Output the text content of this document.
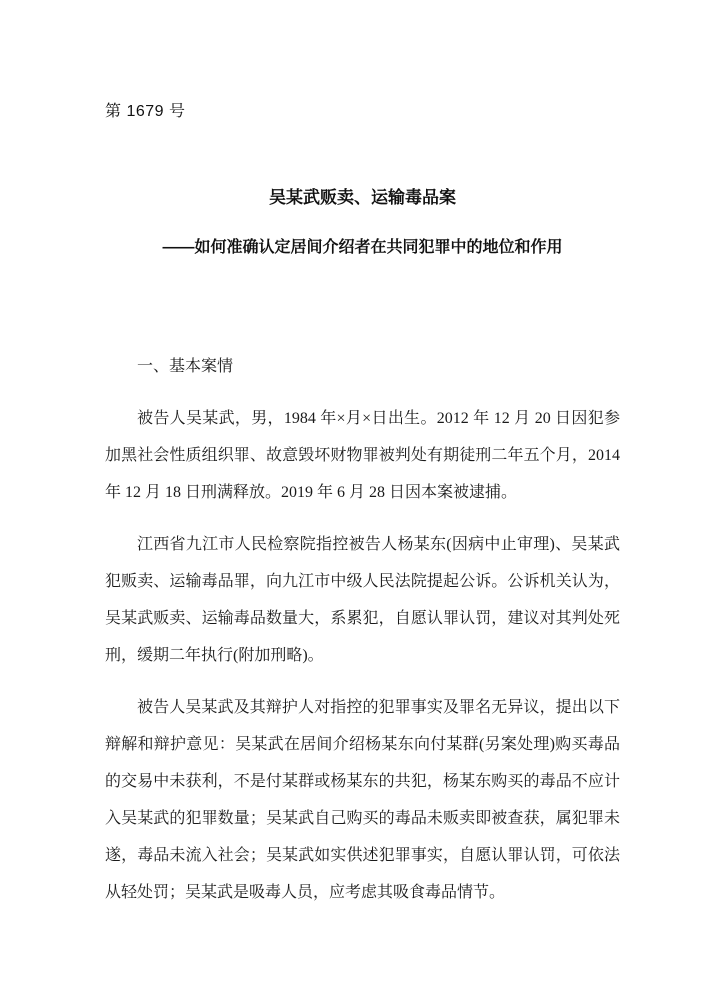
第 1679 号
吴某武贩卖、运输毒品案
——如何准确认定居间介绍者在共同犯罪中的地位和作用
一、基本案情

被告人吴某武，男，1984 年×月×日出生。2012 年 12 月 20 日因犯参加黑社会性质组织罪、故意毁坏财物罪被判处有期徒刑二年五个月，2014 年 12 月 18 日刑满释放。2019 年 6 月 28 日因本案被逮捕。

江西省九江市人民检察院指控被告人杨某东(因病中止审理)、吴某武犯贩卖、运输毒品罪，向九江市中级人民法院提起公诉。公诉机关认为，吴某武贩卖、运输毒品数量大，系累犯，自愿认罪认罚，建议对其判处死刑，缓期二年执行(附加刑略)。

被告人吴某武及其辩护人对指控的犯罪事实及罪名无异议，提出以下辩解和辩护意见：吴某武在居间介绍杨某东向付某群(另案处理)购买毒品的交易中未获利，不是付某群或杨某东的共犯，杨某东购买的毒品不应计入吴某武的犯罪数量；吴某武自己购买的毒品未贩卖即被查获，属犯罪未遂，毒品未流入社会；吴某武如实供述犯罪事实，自愿认罪认罚，可依法从轻处罚；吴某武是吸毒人员，应考虑其吸食毒品情节。
